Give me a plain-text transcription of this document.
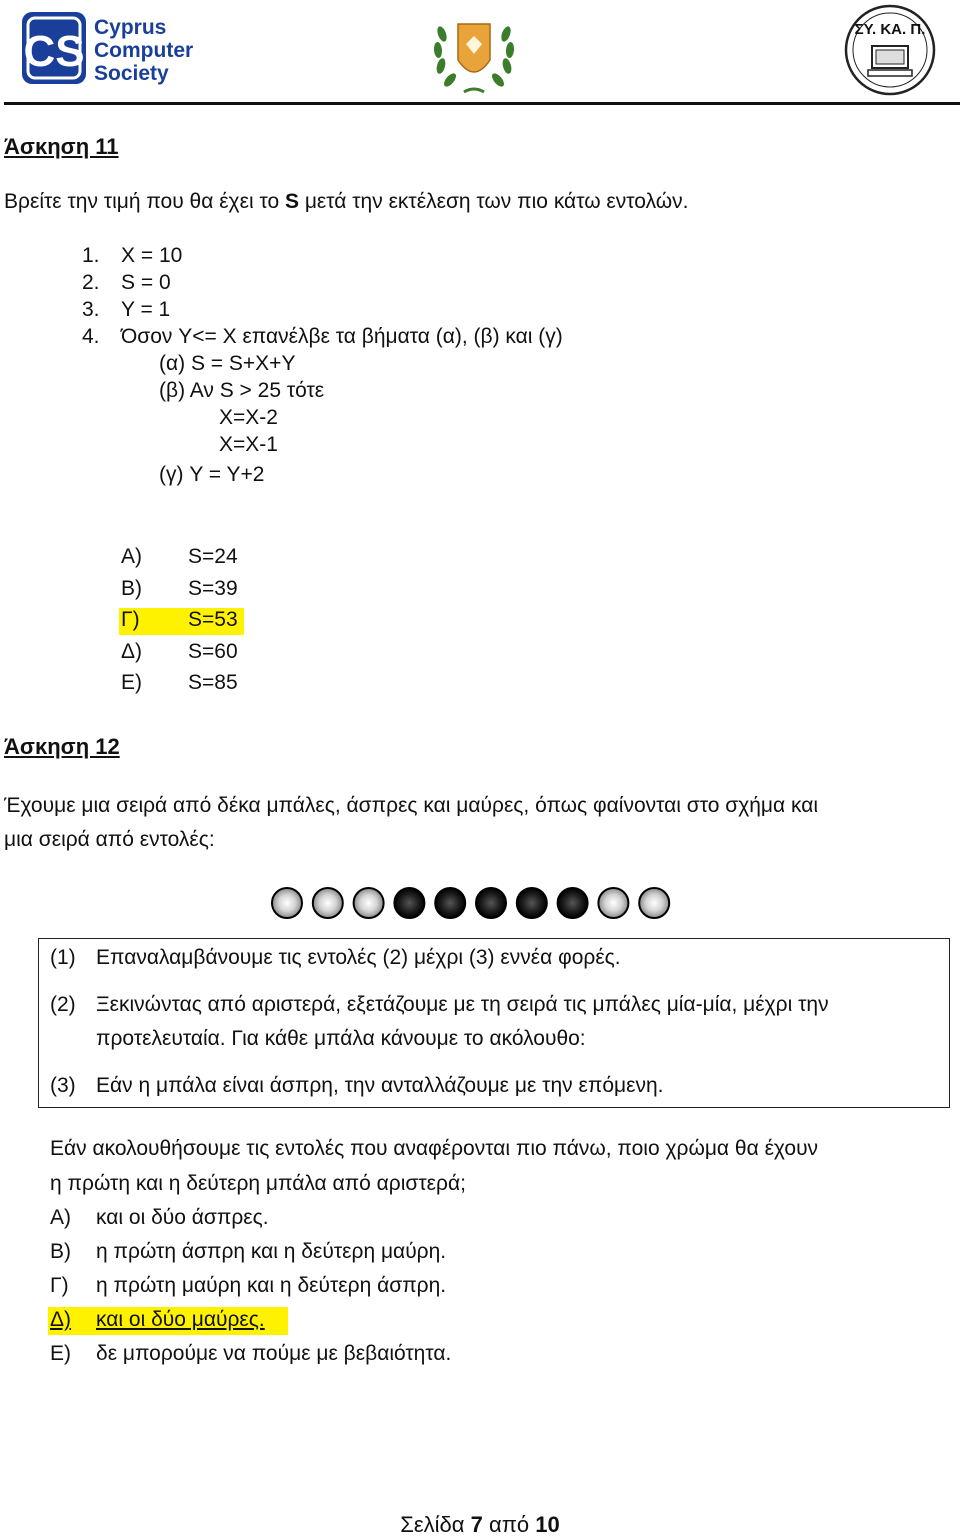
CS Cyprus
Computer
Society
ΣΥ. ΚΑ. Π.
Άσκηση 11
Βρείτε την τιμή που θα έχει το S μετά την εκτέλεση των πιο κάτω εντολών.
1. X = 10
2. S = 0
3. Y = 1
4. Όσον Y<= X επανέλβε τα βήματα (α), (β) και (γ)
(α) S = S+X+Y
(β) Αν S > 25 τότε
X=X-2
X=X-1
(γ) Y = Y+2
Α) S=24
Β) S=39
Γ) S=53
Δ) S=60
Ε) S=85
Άσκηση 12
Έχουμε μια σειρά από δέκα μπάλες, άσπρες και μαύρες, όπως φαίνονται στο σχήμα και
μια σειρά από εντολές:
(1) Επαναλαμβάνουμε τις εντολές (2) μέχρι (3) εννέα φορές.
(2) Ξεκινώντας από αριστερά, εξετάζουμε με τη σειρά τις μπάλες μία-μία, μέχρι την
προτελευταία. Για κάθε μπάλα κάνουμε το ακόλουθο:
(3) Εάν η μπάλα είναι άσπρη, την ανταλλάζουμε με την επόμενη.
Εάν ακολουθήσουμε τις εντολές που αναφέρονται πιο πάνω, ποιο χρώμα θα έχουν
η πρώτη και η δεύτερη μπάλα από αριστερά;
Α) και οι δύο άσπρες.
Β) η πρώτη άσπρη και η δεύτερη μαύρη.
Γ) η πρώτη μαύρη και η δεύτερη άσπρη.
Δ) και οι δύο μαύρες.
Ε) δε μπορούμε να πούμε με βεβαιότητα.
Σελίδα 7 από 10
